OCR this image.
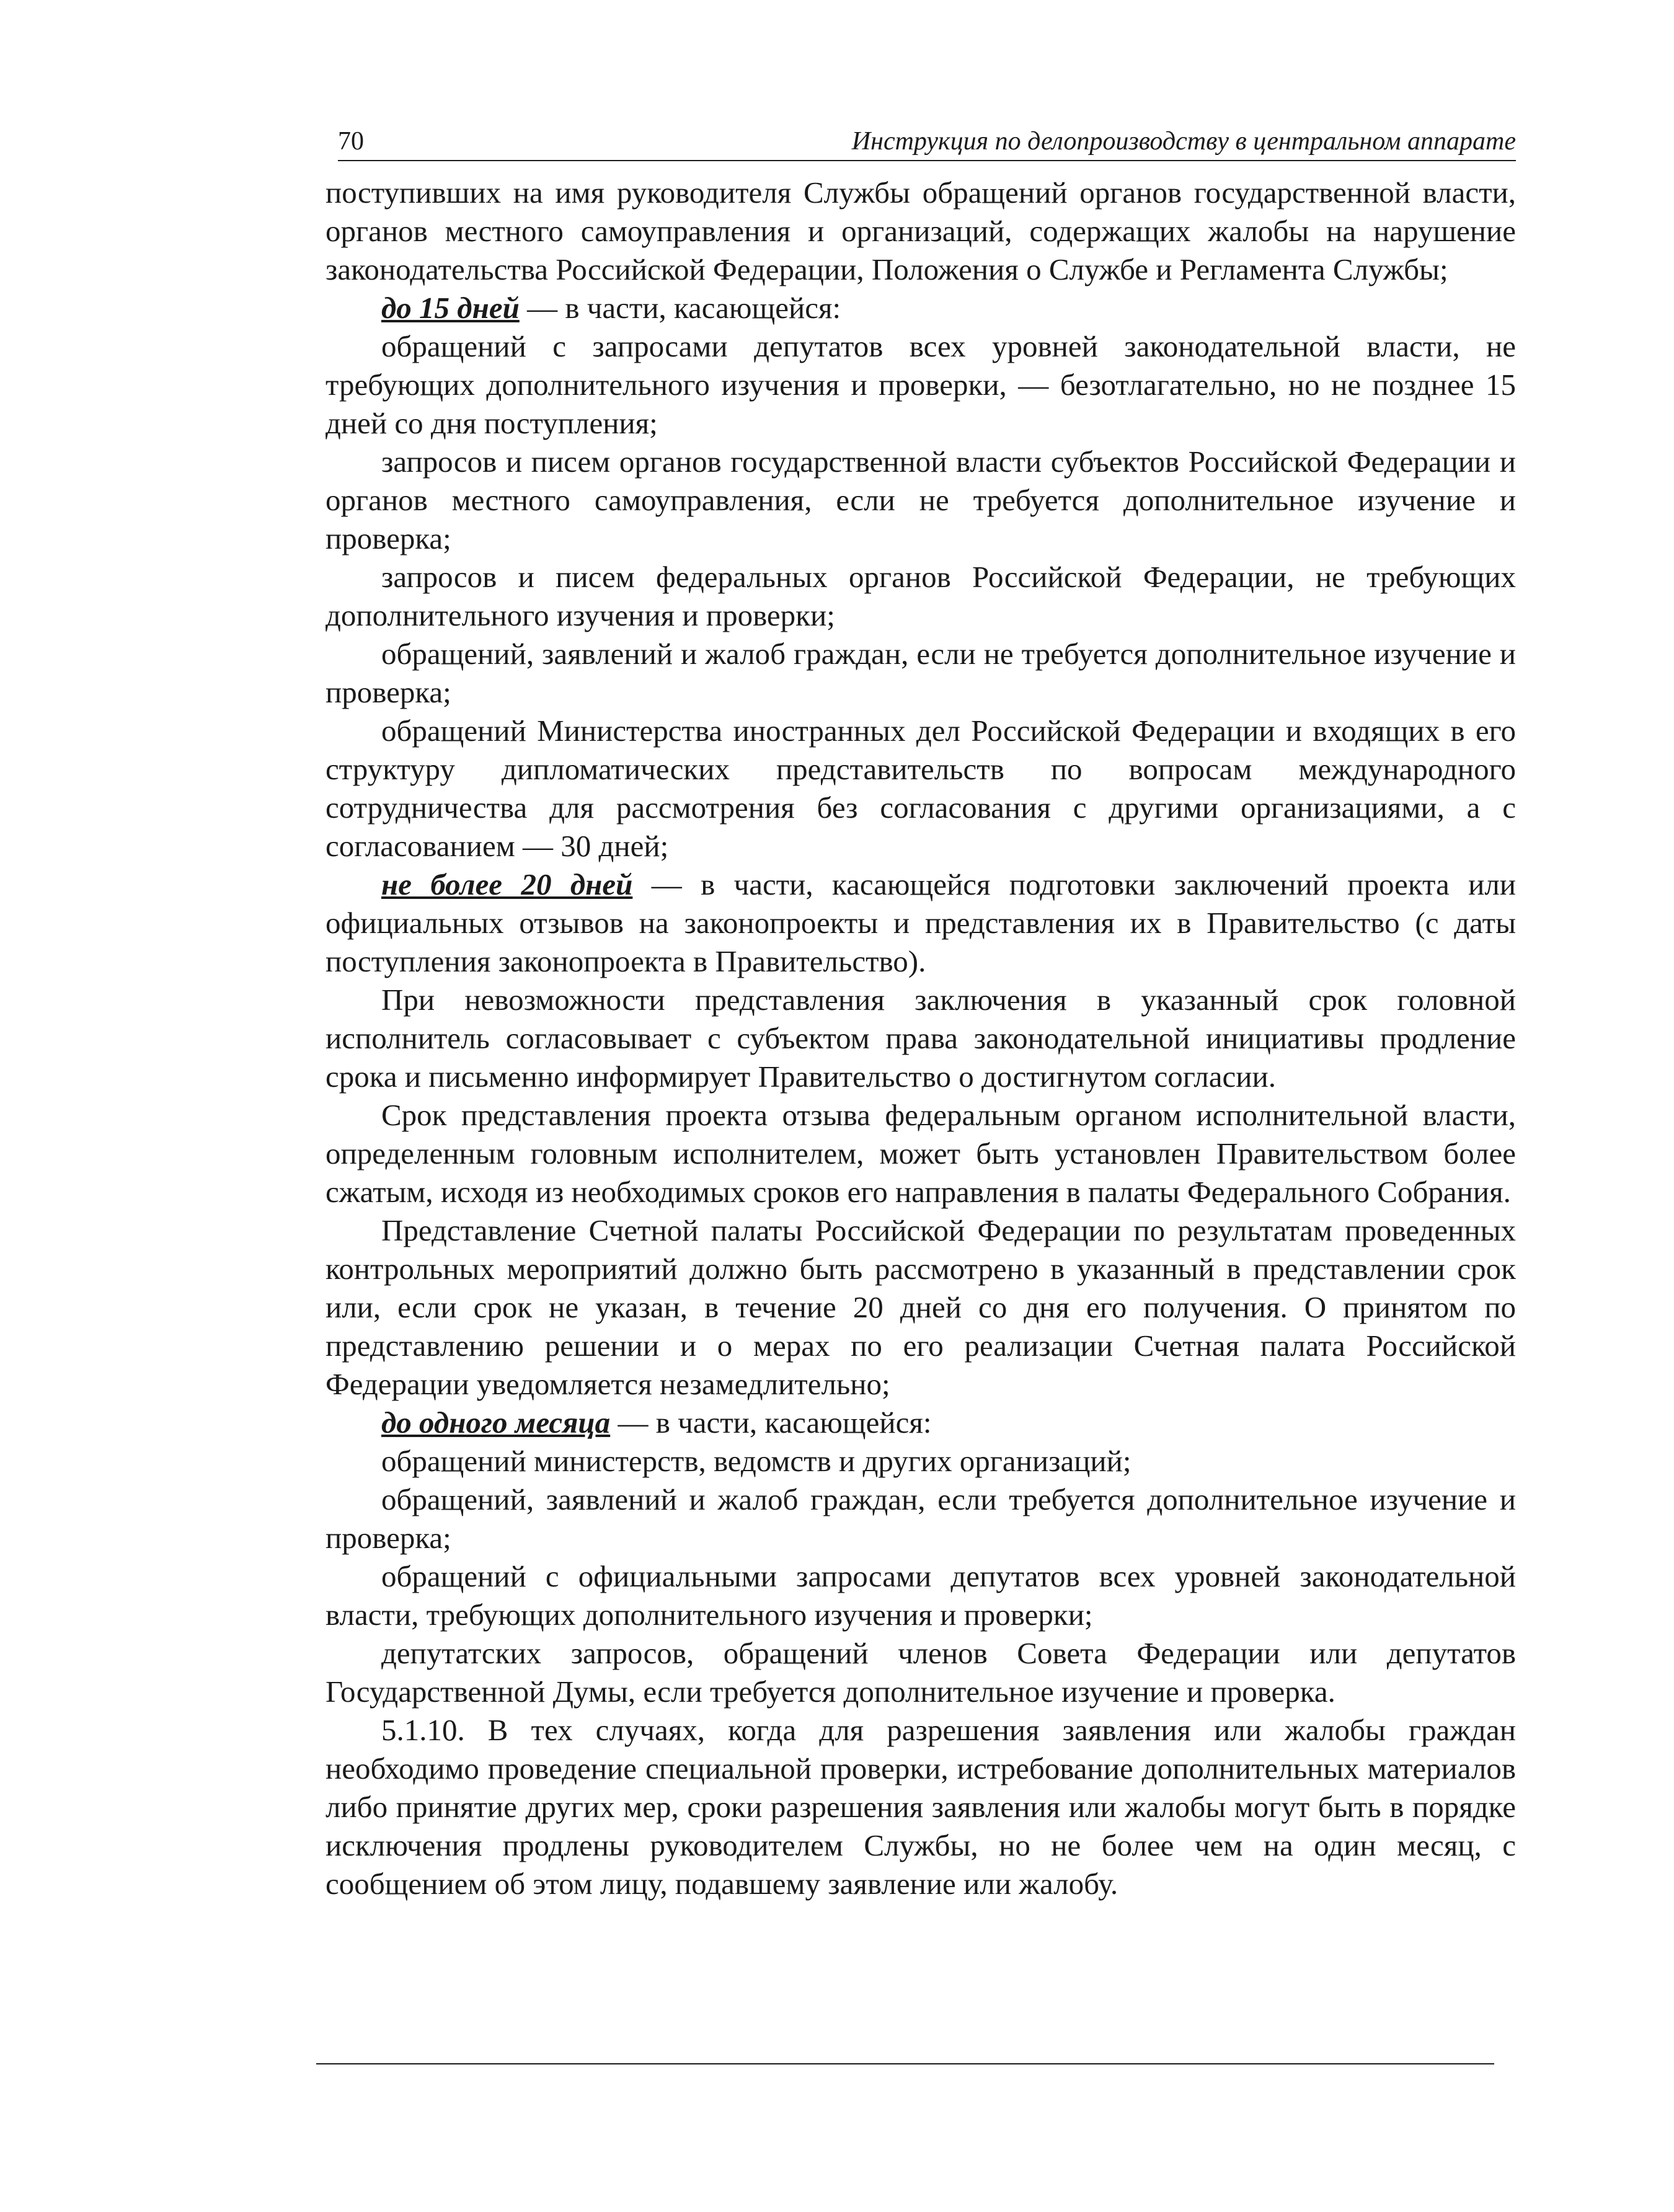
70	Инструкция по делопроизводству в центральном аппарате

поступивших на имя руководителя Службы обращений органов государственной власти, органов местного самоуправления и организаций, содержащих жалобы на нарушение законодательства Российской Федерации, Положения о Службе и Регламента Службы;

до 15 дней — в части, касающейся:

обращений с запросами депутатов всех уровней законодательной власти, не требующих дополнительного изучения и проверки, — безотлагательно, но не позднее 15 дней со дня поступления;

запросов и писем органов государственной власти субъектов Российской Федерации и органов местного самоуправления, если не требуется дополнительное изучение и проверка;

запросов и писем федеральных органов Российской Федерации, не требующих дополнительного изучения и проверки;

обращений, заявлений и жалоб граждан, если не требуется дополнительное изучение и проверка;

обращений Министерства иностранных дел Российской Федерации и входящих в его структуру дипломатических представительств по вопросам международного сотрудничества для рассмотрения без согласования с другими организациями, а с согласованием — 30 дней;

не более 20 дней — в части, касающейся подготовки заключений проекта или официальных отзывов на законопроекты и представления их в Правительство (с даты поступления законопроекта в Правительство).

При невозможности представления заключения в указанный срок головной исполнитель согласовывает с субъектом права законодательной инициативы продление срока и письменно информирует Правительство о достигнутом согласии.

Срок представления проекта отзыва федеральным органом исполнительной власти, определенным головным исполнителем, может быть установлен Правительством более сжатым, исходя из необходимых сроков его направления в палаты Федерального Собрания.

Представление Счетной палаты Российской Федерации по результатам проведенных контрольных мероприятий должно быть рассмотрено в указанный в представлении срок или, если срок не указан, в течение 20 дней со дня его получения. О принятом по представлению решении и о мерах по его реализации Счетная палата Российской Федерации уведомляется незамедлительно;

до одного месяца — в части, касающейся:

обращений министерств, ведомств и других организаций;

обращений, заявлений и жалоб граждан, если требуется дополнительное изучение и проверка;

обращений с официальными запросами депутатов всех уровней законодательной власти, требующих дополнительного изучения и проверки;

депутатских запросов, обращений членов Совета Федерации или депутатов Государственной Думы, если требуется дополнительное изучение и проверка.

5.1.10. В тех случаях, когда для разрешения заявления или жалобы граждан необходимо проведение специальной проверки, истребование дополнительных материалов либо принятие других мер, сроки разрешения заявления или жалобы могут быть в порядке исключения продлены руководителем Службы, но не более чем на один месяц, с сообщением об этом лицу, подавшему заявление или жалобу.
